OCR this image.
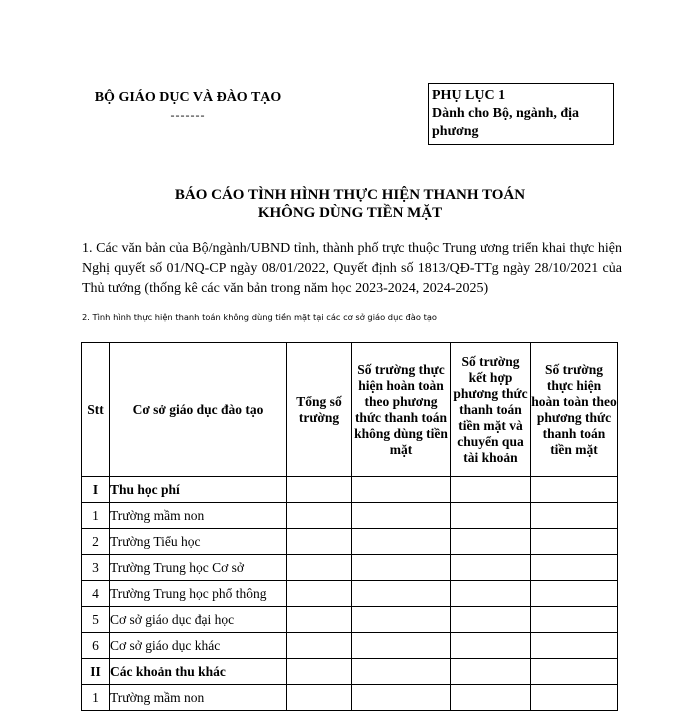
BỘ GIÁO DỤC VÀ ĐÀO TẠO
-------
PHỤ LỤC 1
Dành cho Bộ, ngành, địa phương
BÁO CÁO TÌNH HÌNH THỰC HIỆN THANH TOÁN
KHÔNG DÙNG TIỀN MẶT
1. Các văn bản của Bộ/ngành/UBND tỉnh, thành phố trực thuộc Trung ương triển khai thực hiện Nghị quyết số 01/NQ-CP ngày 08/01/2022, Quyết định số 1813/QĐ-TTg ngày 28/10/2021 của Thủ tướng (thống kê các văn bản trong năm học 2023-2024, 2024-2025)
2. Tình hình thực hiện thanh toán không dùng tiền mặt tại các cơ sở giáo dục đào tạo
Stt	Cơ sở giáo dục đào tạo	Tổng số trường	Số trường thực hiện hoàn toàn theo phương thức thanh toán không dùng tiền mặt	Số trường kết hợp phương thức thanh toán tiền mặt và chuyển qua tài khoản	Số trường thực hiện hoàn toàn theo phương thức thanh toán tiền mặt
I	Thu học phí				
1	Trường mầm non				
2	Trường Tiểu học				
3	Trường Trung học Cơ sở				
4	Trường Trung học phổ thông				
5	Cơ sở giáo dục đại học				
6	Cơ sở giáo dục khác				
II	Các khoản thu khác				
1	Trường mầm non				
